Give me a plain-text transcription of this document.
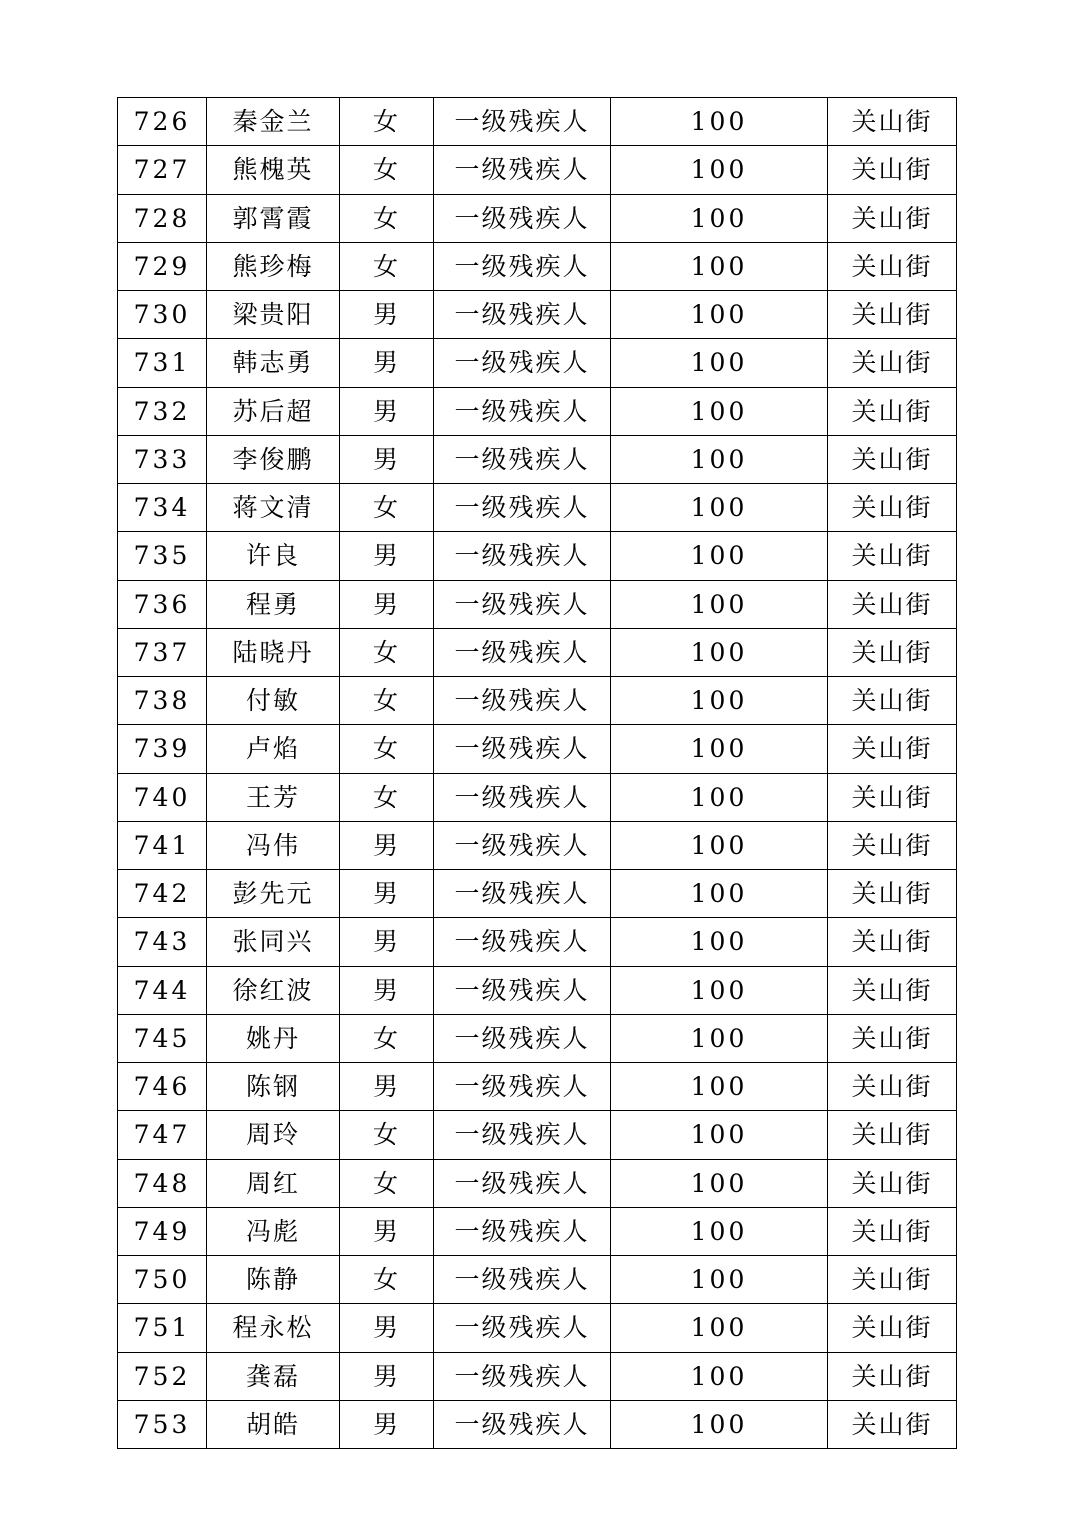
726	秦金兰	女	一级残疾人	100	关山街
727	熊槐英	女	一级残疾人	100	关山街
728	郭霄霞	女	一级残疾人	100	关山街
729	熊珍梅	女	一级残疾人	100	关山街
730	梁贵阳	男	一级残疾人	100	关山街
731	韩志勇	男	一级残疾人	100	关山街
732	苏后超	男	一级残疾人	100	关山街
733	李俊鹏	男	一级残疾人	100	关山街
734	蒋文清	女	一级残疾人	100	关山街
735	许良	男	一级残疾人	100	关山街
736	程勇	男	一级残疾人	100	关山街
737	陆晓丹	女	一级残疾人	100	关山街
738	付敏	女	一级残疾人	100	关山街
739	卢焰	女	一级残疾人	100	关山街
740	王芳	女	一级残疾人	100	关山街
741	冯伟	男	一级残疾人	100	关山街
742	彭先元	男	一级残疾人	100	关山街
743	张同兴	男	一级残疾人	100	关山街
744	徐红波	男	一级残疾人	100	关山街
745	姚丹	女	一级残疾人	100	关山街
746	陈钢	男	一级残疾人	100	关山街
747	周玲	女	一级残疾人	100	关山街
748	周红	女	一级残疾人	100	关山街
749	冯彪	男	一级残疾人	100	关山街
750	陈静	女	一级残疾人	100	关山街
751	程永松	男	一级残疾人	100	关山街
752	龚磊	男	一级残疾人	100	关山街
753	胡皓	男	一级残疾人	100	关山街
